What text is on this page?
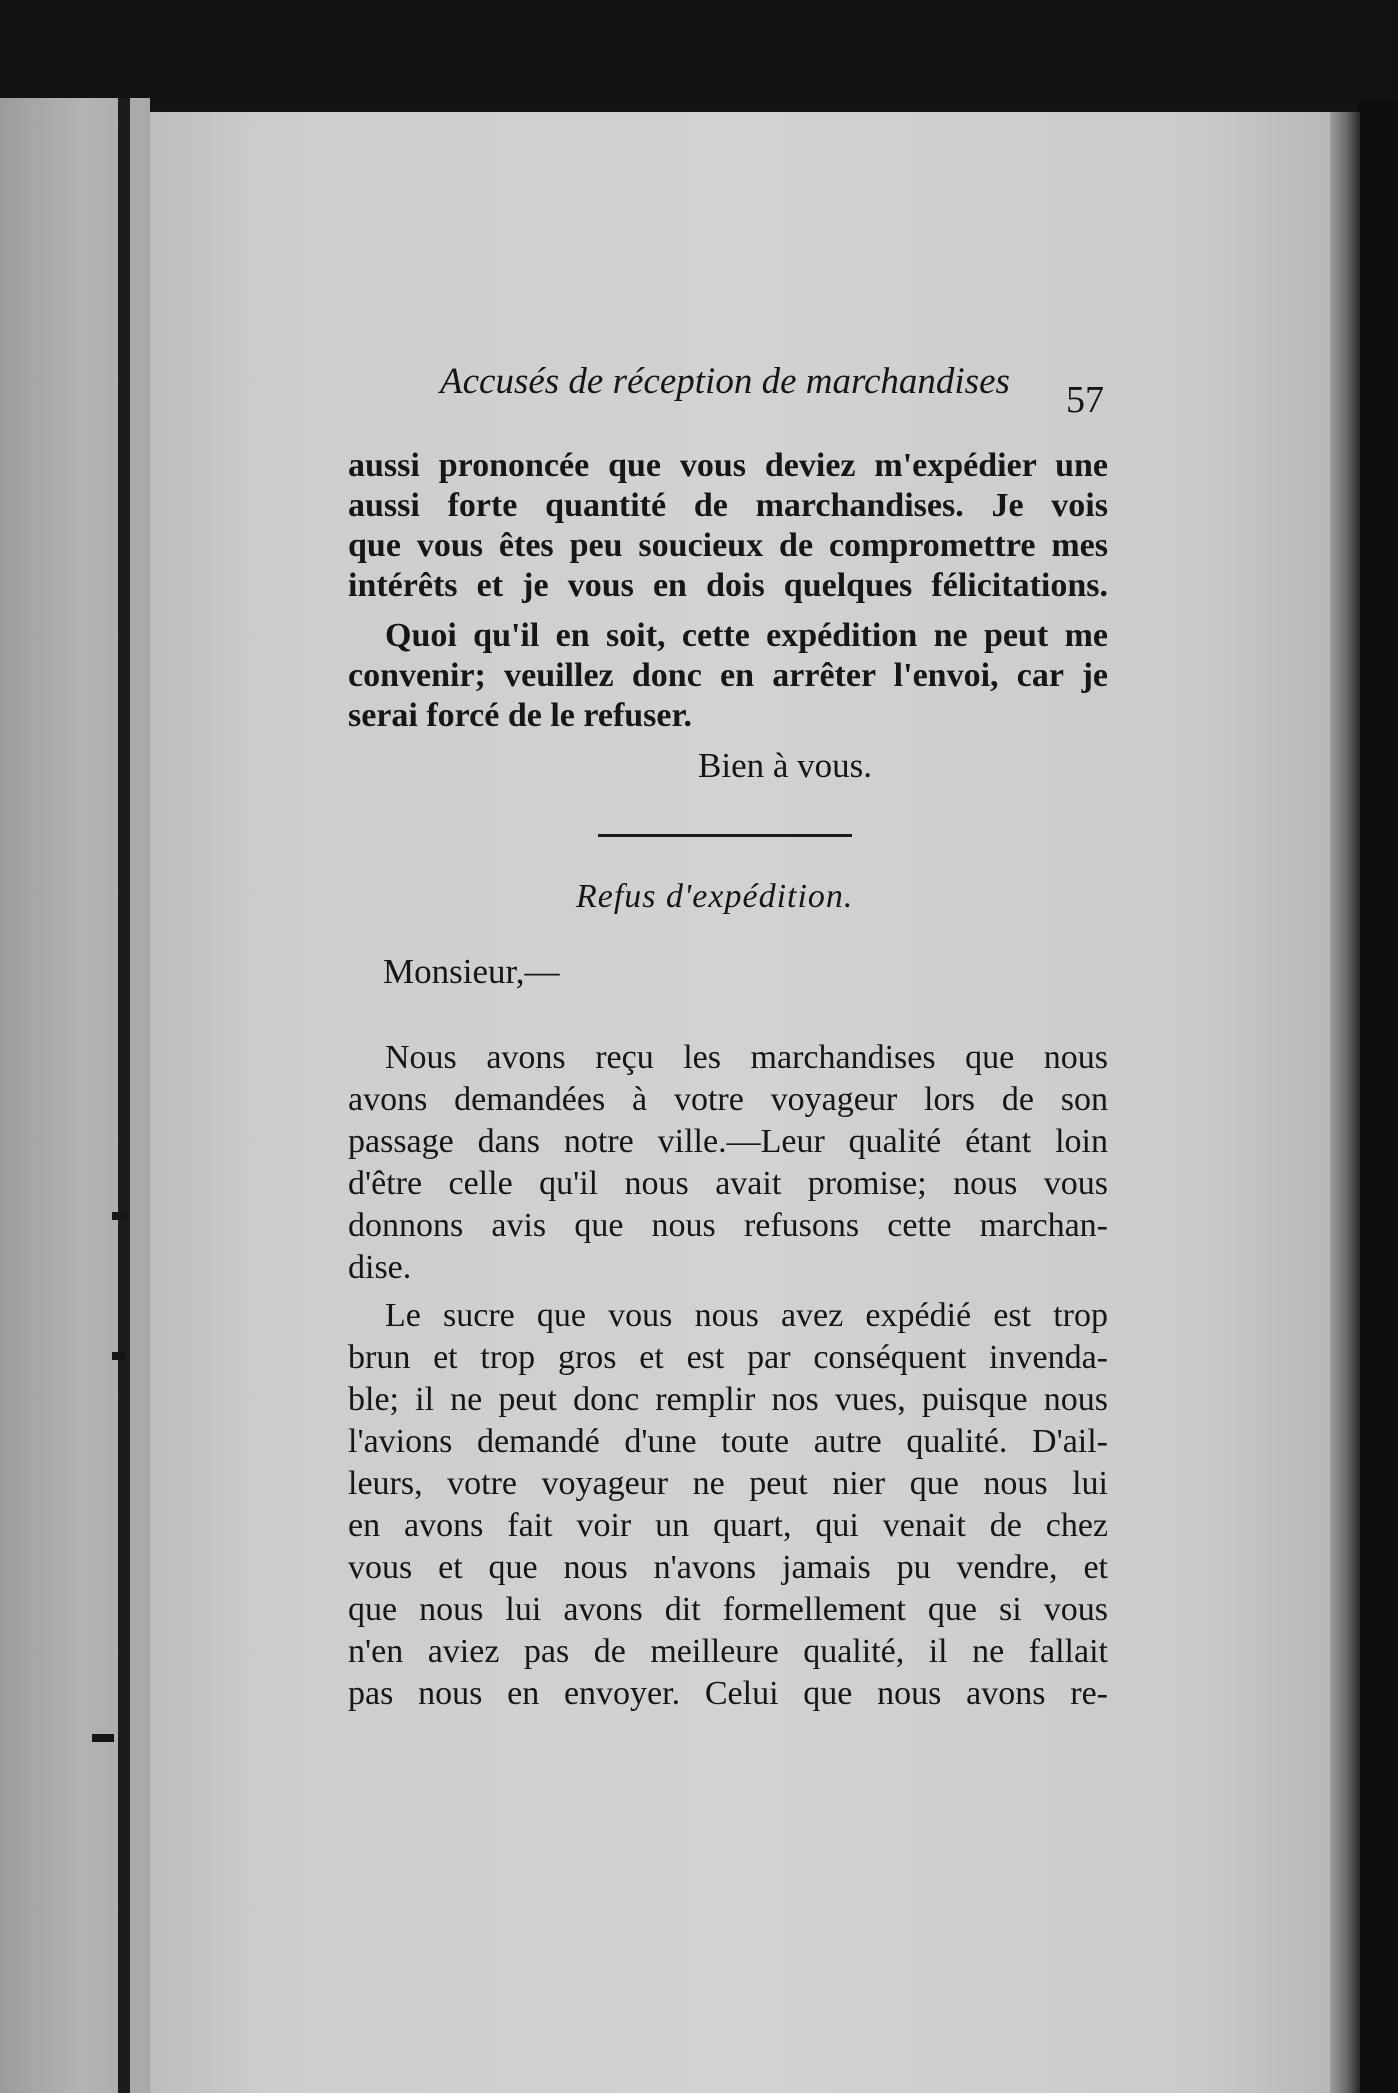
Accusés de réception de marchandises 57
aussi prononcée que vous deviez m'expédier une
aussi forte quantité de marchandises. Je vois
que vous êtes peu soucieux de compromettre mes
intérêts et je vous en dois quelques félicitations.
Quoi qu'il en soit, cette expédition ne peut me
convenir; veuillez donc en arrêter l'envoi, car je
serai forcé de le refuser.
Bien à vous.
Refus d'expédition.
Monsieur,—
Nous avons reçu les marchandises que nous
avons demandées à votre voyageur lors de son
passage dans notre ville.—Leur qualité étant loin
d'être celle qu'il nous avait promise; nous vous
donnons avis que nous refusons cette marchan-
dise.
Le sucre que vous nous avez expédié est trop
brun et trop gros et est par conséquent invenda-
ble; il ne peut donc remplir nos vues, puisque nous
l'avions demandé d'une toute autre qualité. D'ail-
leurs, votre voyageur ne peut nier que nous lui
en avons fait voir un quart, qui venait de chez
vous et que nous n'avons jamais pu vendre, et
que nous lui avons dit formellement que si vous
n'en aviez pas de meilleure qualité, il ne fallait
pas nous en envoyer. Celui que nous avons re-
